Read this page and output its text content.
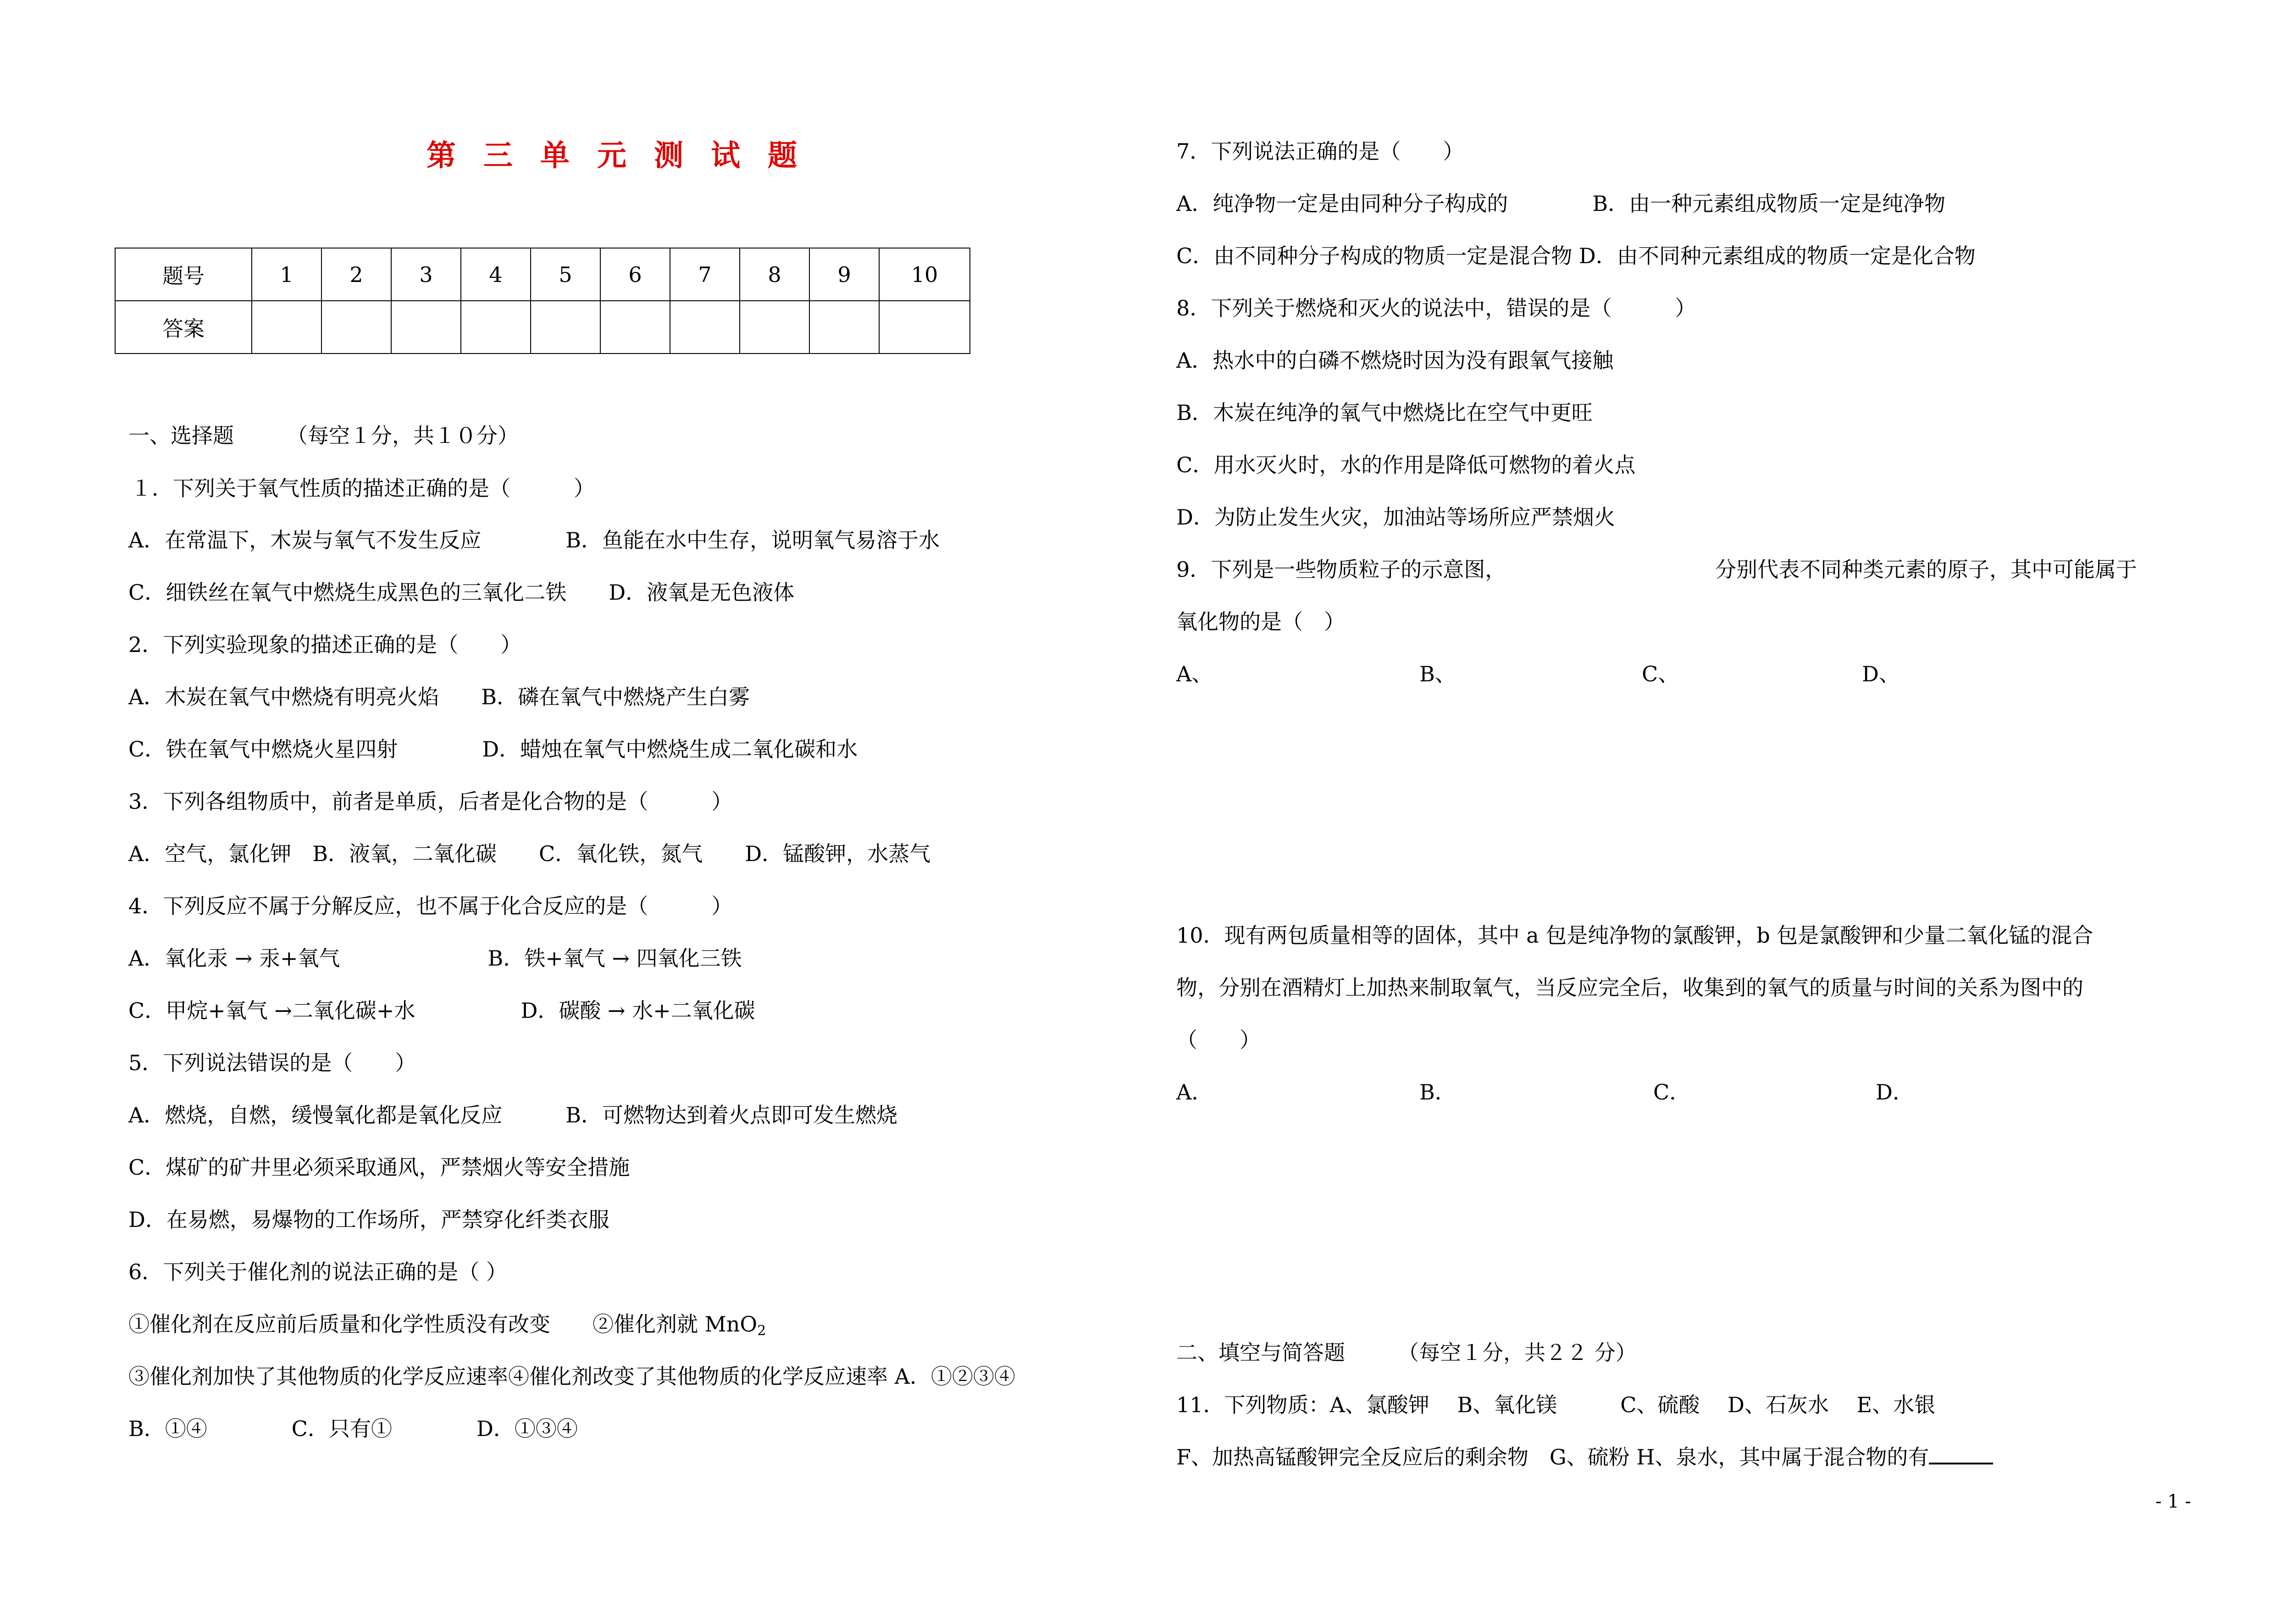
第三单元测试题
题号	1	2	3	4	5	6	7	8	9	10
答案										
一、选择题　　　（每空１分，共１０分）
１．下列关于氧气性质的描述正确的是（　　　）
A．在常温下，木炭与氧气不发生反应　　　　B．鱼能在水中生存，说明氧气易溶于水
C．细铁丝在氧气中燃烧生成黑色的三氧化二铁　　D．液氧是无色液体
2．下列实验现象的描述正确的是（　　）
A．木炭在氧气中燃烧有明亮火焰　　B．磷在氧气中燃烧产生白雾
C．铁在氧气中燃烧火星四射　　　　D．蜡烛在氧气中燃烧生成二氧化碳和水
3．下列各组物质中，前者是单质，后者是化合物的是（　　　）
A．空气，氯化钾　B．液氧，二氧化碳　　C．氧化铁，氮气　　D．锰酸钾，水蒸气
4．下列反应不属于分解反应，也不属于化合反应的是（　　　）
A．氧化汞 → 汞+氧气　　　　　　　B．铁+氧气 → 四氧化三铁
C．甲烷+氧气 →二氧化碳+水　　　　　D．碳酸 → 水+二氧化碳
5．下列说法错误的是（　　）
A．燃烧，自燃，缓慢氧化都是氧化反应　　　B．可燃物达到着火点即可发生燃烧
C．煤矿的矿井里必须采取通风，严禁烟火等安全措施
D．在易燃，易爆物的工作场所，严禁穿化纤类衣服
6．下列关于催化剂的说法正确的是（ ）
①催化剂在反应前后质量和化学性质没有改变　　②催化剂就 MnO$_2$
③催化剂加快了其他物质的化学反应速率④催化剂改变了其他物质的化学反应速率 A．①②③④
B．①④　　　　C．只有①　　　　D．①③④
7．下列说法正确的是（　　）
A．纯净物一定是由同种分子构成的　　　　B．由一种元素组成物质一定是纯净物
C．由不同种分子构成的物质一定是混合物 D．由不同种元素组成的物质一定是化合物
8．下列关于燃烧和灭火的说法中，错误的是（　　　）
A．热水中的白磷不燃烧时因为没有跟氧气接触
B．木炭在纯净的氧气中燃烧比在空气中更旺
C．用水灭火时，水的作用是降低可燃物的着火点
D．为防止发生火灾，加油站等场所应严禁烟火
9．下列是一些物质粒子的示意图，	分别代表不同种类元素的原子，其中可能属于
氧化物的是（　）
A、	B、	C、	D、
10．现有两包质量相等的固体，其中 a 包是纯净物的氯酸钾，b 包是氯酸钾和少量二氧化锰的混合
物，分别在酒精灯上加热来制取氧气，当反应完全后，收集到的氧气的质量与时间的关系为图中的
（　　）
A．	B．	C．	D．
二、填空与简答题　　　（每空１分，共２２ 分）
11．下列物质：A、氯酸钾　 B、氧化镁　　　C、硫酸　 D、石灰水　 E、水银
F、加热高锰酸钾完全反应后的剩余物　G、硫粉 H、泉水，其中属于混合物的有
- 1 -
